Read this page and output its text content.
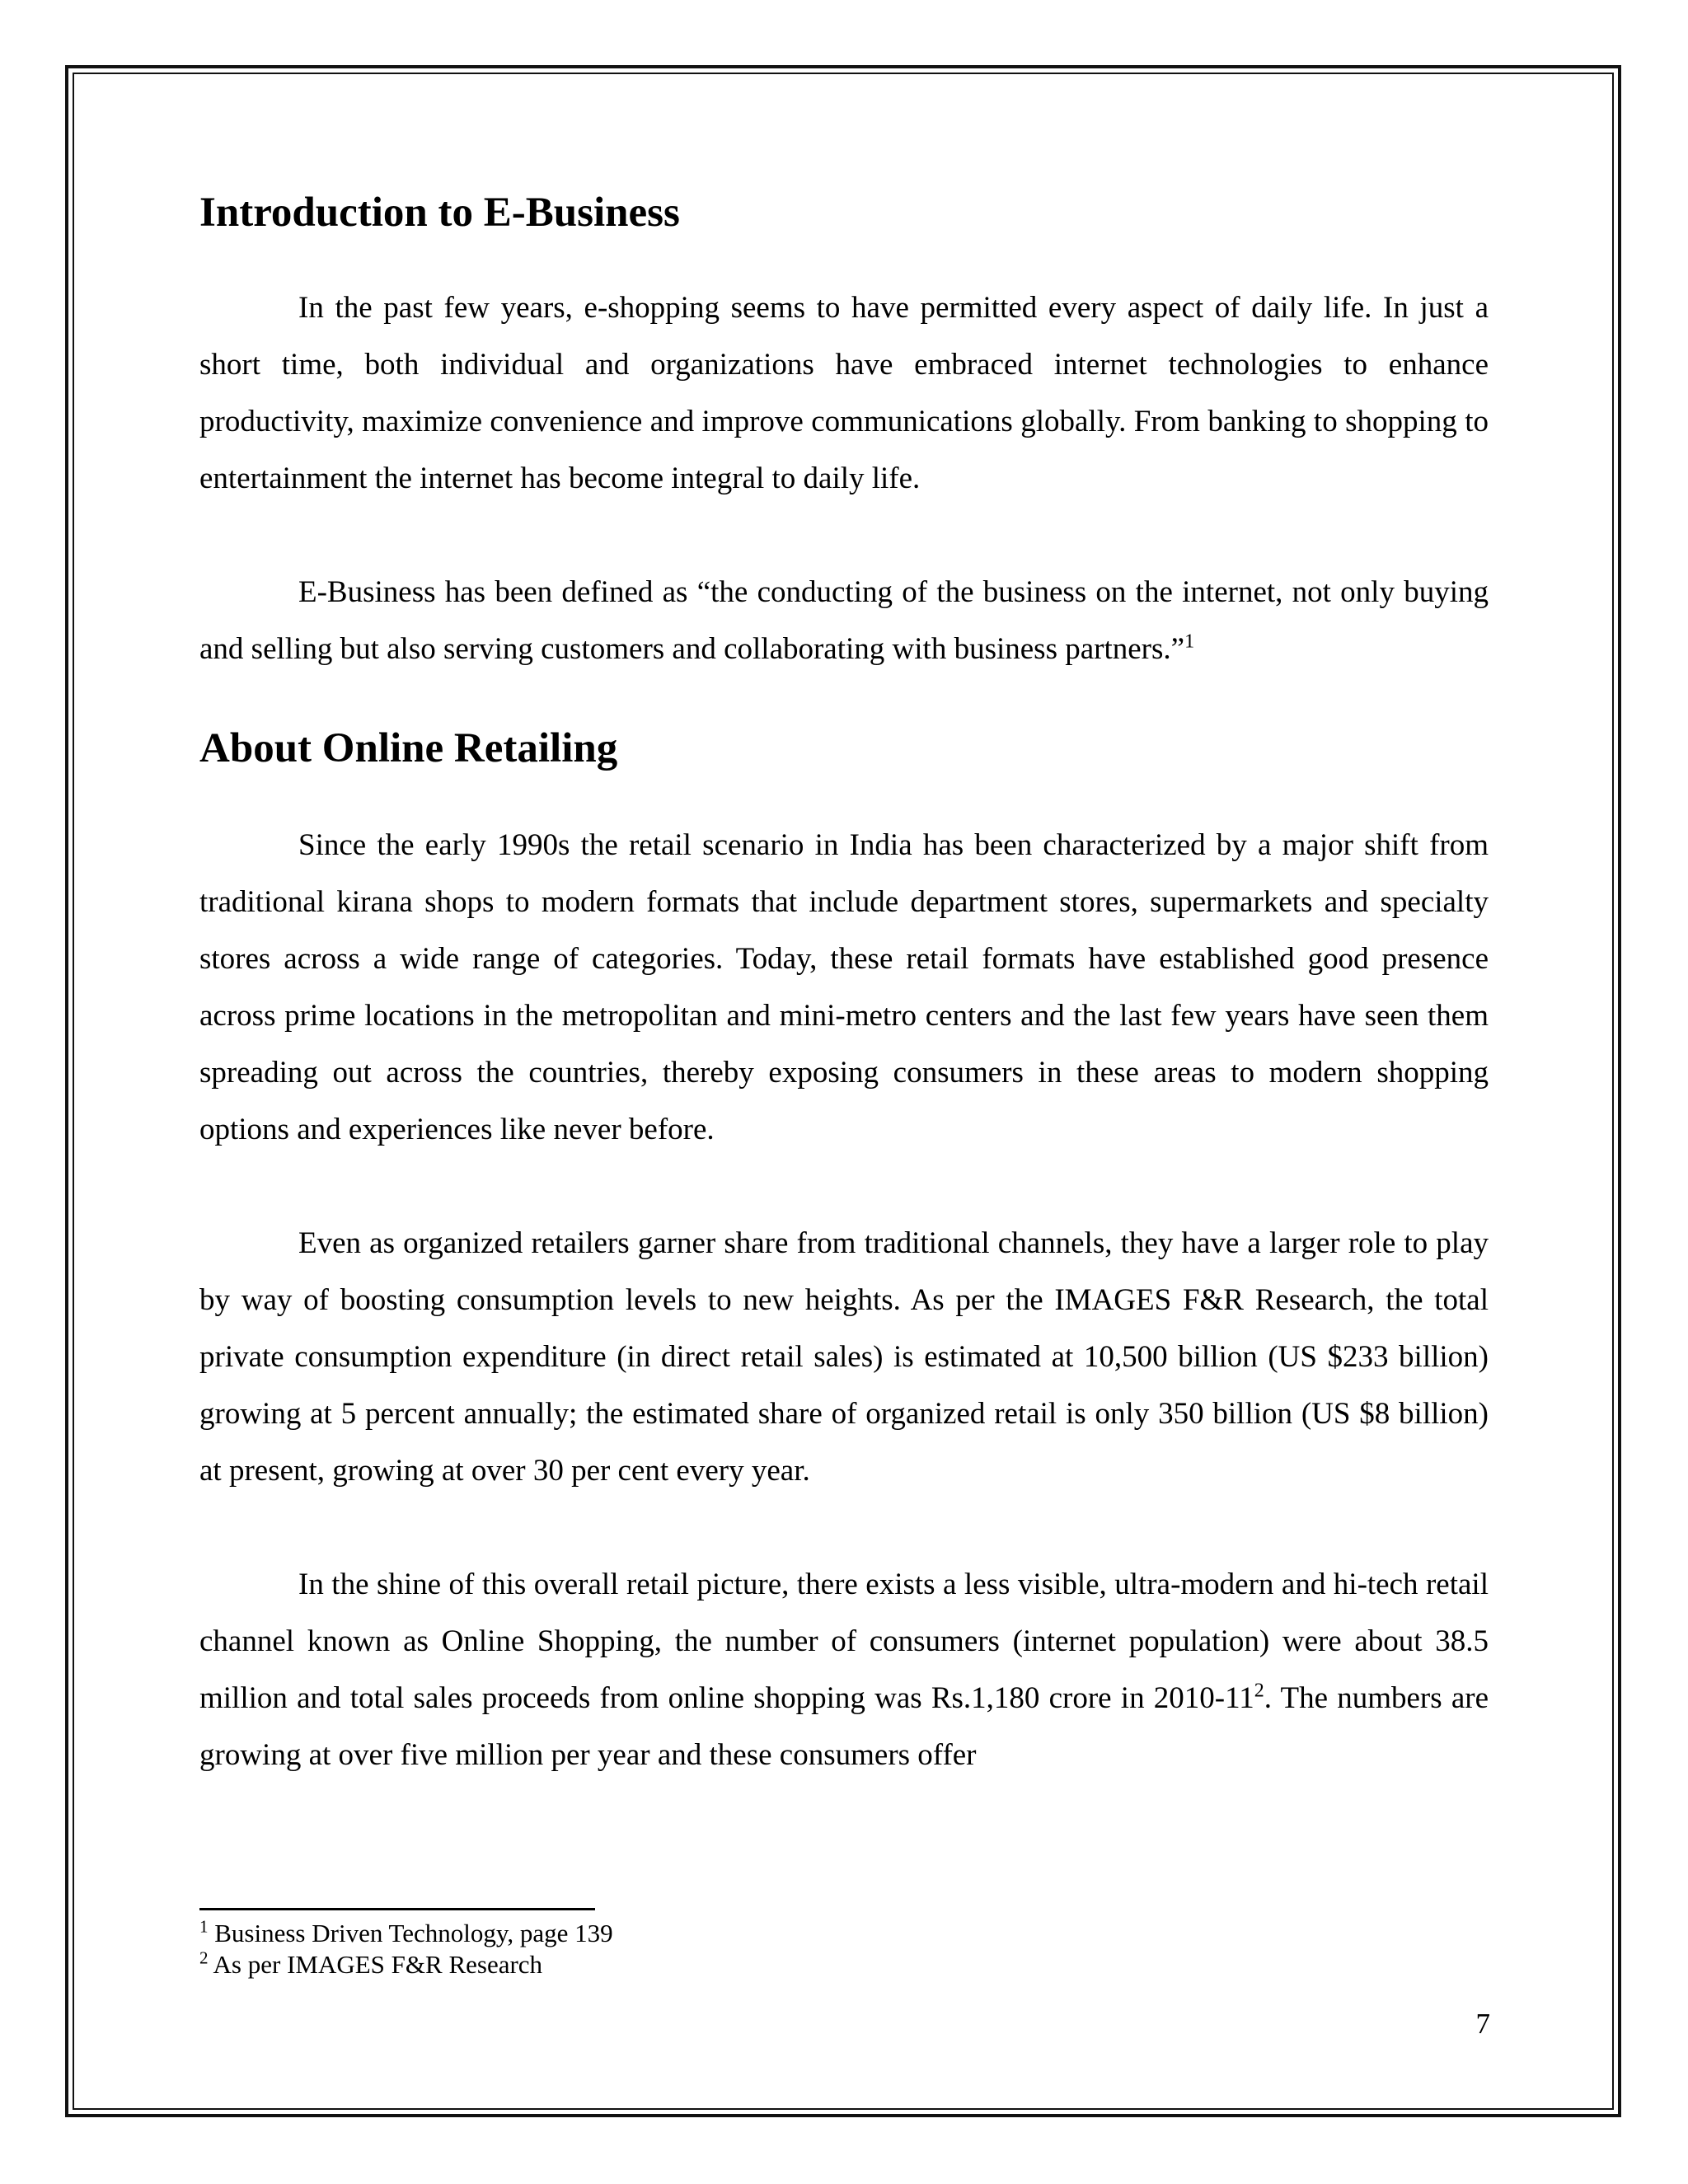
Introduction to E-Business

In the past few years, e-shopping seems to have permitted every aspect of daily life. In just a short time, both individual and organizations have embraced internet technologies to enhance productivity, maximize convenience and improve communications globally. From banking to shopping to entertainment the internet has become integral to daily life.

E-Business has been defined as “the conducting of the business on the internet, not only buying and selling but also serving customers and collaborating with business partners.”$^1$

About Online Retailing

Since the early 1990s the retail scenario in India has been characterized by a major shift from traditional kirana shops to modern formats that include department stores, supermarkets and specialty stores across a wide range of categories. Today, these retail formats have established good presence across prime locations in the metropolitan and mini-metro centers and the last few years have seen them spreading out across the countries, thereby exposing consumers in these areas to modern shopping options and experiences like never before.

Even as organized retailers garner share from traditional channels, they have a larger role to play by way of boosting consumption levels to new heights. As per the IMAGES F&R Research, the total private consumption expenditure (in direct retail sales) is estimated at 10,500 billion (US $233 billion) growing at 5 percent annually; the estimated share of organized retail is only 350 billion (US $8 billion) at present, growing at over 30 per cent every year.

In the shine of this overall retail picture, there exists a less visible, ultra-modern and hi-tech retail channel known as Online Shopping, the number of consumers (internet population) were about 38.5 million and total sales proceeds from online shopping was Rs.1,180 crore in $2010-11^2$. The numbers are growing at over five million per year and these consumers offer

$^1$ Business Driven Technology, page 139
$^2$ As per IMAGES F&R Research
7
